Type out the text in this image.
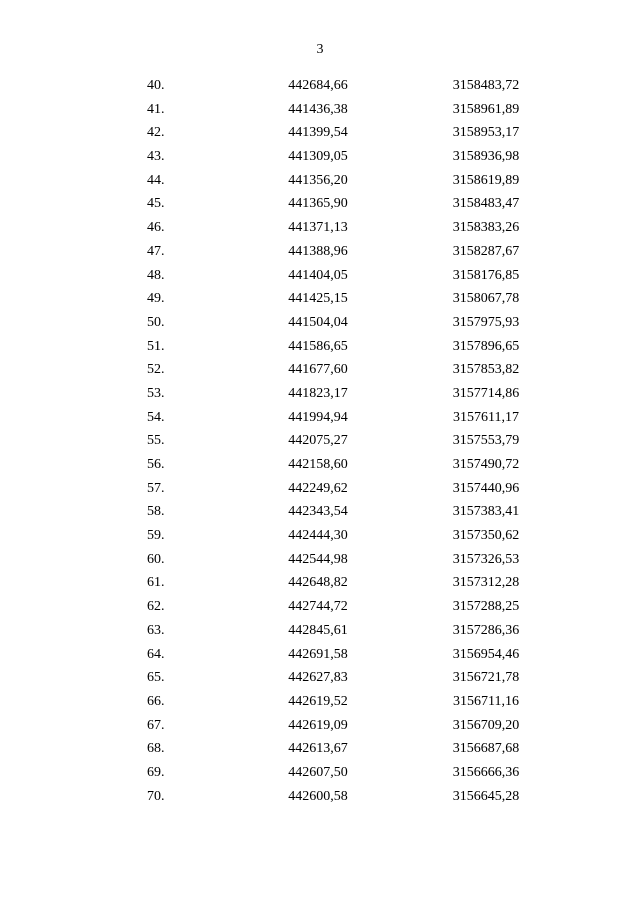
3
40.	442684,66	3158483,72
41.	441436,38	3158961,89
42.	441399,54	3158953,17
43.	441309,05	3158936,98
44.	441356,20	3158619,89
45.	441365,90	3158483,47
46.	441371,13	3158383,26
47.	441388,96	3158287,67
48.	441404,05	3158176,85
49.	441425,15	3158067,78
50.	441504,04	3157975,93
51.	441586,65	3157896,65
52.	441677,60	3157853,82
53.	441823,17	3157714,86
54.	441994,94	3157611,17
55.	442075,27	3157553,79
56.	442158,60	3157490,72
57.	442249,62	3157440,96
58.	442343,54	3157383,41
59.	442444,30	3157350,62
60.	442544,98	3157326,53
61.	442648,82	3157312,28
62.	442744,72	3157288,25
63.	442845,61	3157286,36
64.	442691,58	3156954,46
65.	442627,83	3156721,78
66.	442619,52	3156711,16
67.	442619,09	3156709,20
68.	442613,67	3156687,68
69.	442607,50	3156666,36
70.	442600,58	3156645,28
